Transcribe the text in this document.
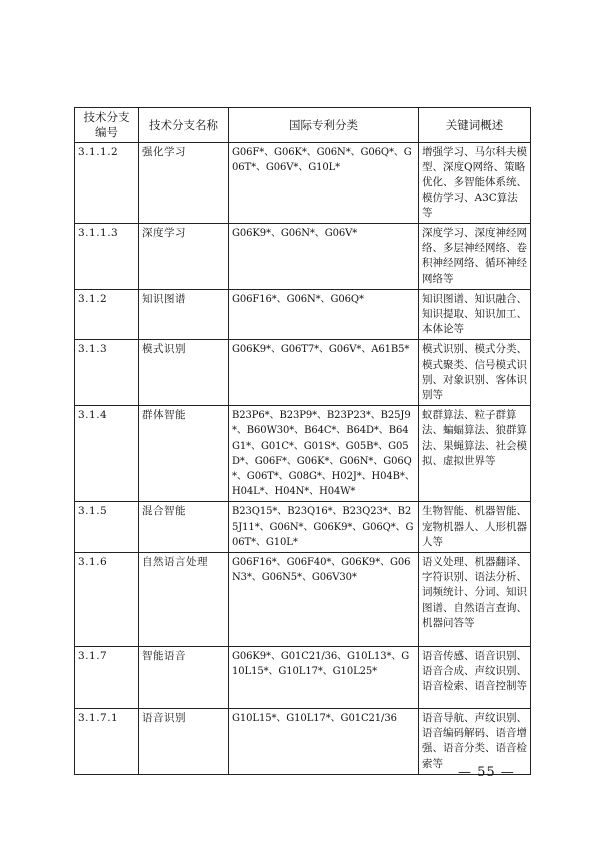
技术分支编号	技术分支名称	国际专利分类	关键词概述
3.1.1.2	强化学习	G06F*、G06K*、G06N*、G06Q*、G06T*、G06V*、G10L*	增强学习、马尔科夫模型、深度Q网络、策略优化、多智能体系统、模仿学习、A3C算法等
3.1.1.3	深度学习	G06K9*、G06N*、G06V*	深度学习、深度神经网络、多层神经网络、卷积神经网络、循环神经网络等
3.1.2	知识图谱	G06F16*、G06N*、G06Q*	知识图谱、知识融合、知识提取、知识加工、本体论等
3.1.3	模式识别	G06K9*、G06T7*、G06V*、A61B5*	模式识别、模式分类、模式聚类、信号模式识别、对象识别、客体识别等
3.1.4	群体智能	B23P6*、B23P9*、B23P23*、B25J9*、B60W30*、B64C*、B64D*、B64G1*、G01C*、G01S*、G05B*、G05D*、G06F*、G06K*、G06N*、G06Q*、G06T*、G08G*、H02J*、H04B*、H04L*、H04N*、H04W*	蚁群算法、粒子群算法、蝙蝠算法、狼群算法、果蝇算法、社会模拟、虚拟世界等
3.1.5	混合智能	B23Q15*、B23Q16*、B23Q23*、B25J11*、G06N*、G06K9*、G06Q*、G06T*、G10L*	生物智能、机器智能、宠物机器人、人形机器人等
3.1.6	自然语言处理	G06F16*、G06F40*、G06K9*、G06N3*、G06N5*、G06V30*	语义处理、机器翻译、字符识别、语法分析、词频统计、分词、知识图谱、自然语言查询、机器问答等
3.1.7	智能语音	G06K9*、G01C21/36、G10L13*、G10L15*、G10L17*、G10L25*	语音传感、语音识别、语音合成、声纹识别、语音检索、语音控制等
3.1.7.1	语音识别	G10L15*、G10L17*、G01C21/36	语音导航、声纹识别、语音编码解码、语音增强、语音分类、语音检索等
— 55 —
